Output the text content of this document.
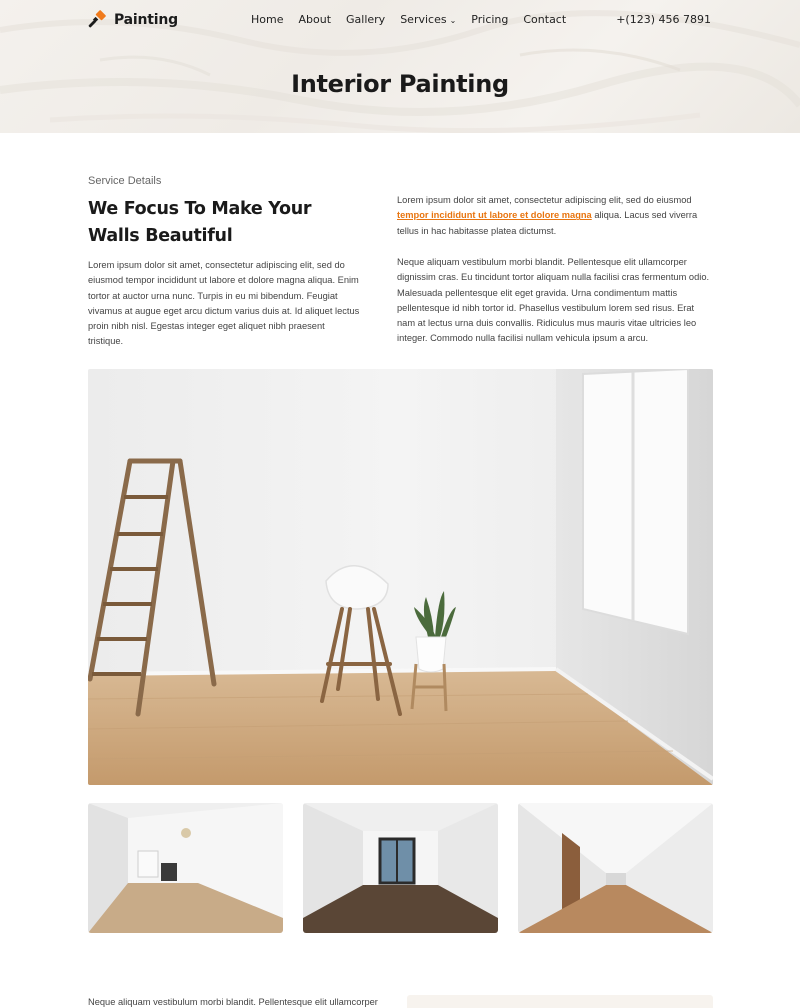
Painting	Home About Gallery Services ⌄ Pricing Contact	+(123) 456 7891
Interior Painting
Service Details
We Focus To Make Your Walls Beautiful

Lorem ipsum dolor sit amet, consectetur adipiscing elit, sed do eiusmod tempor incididunt ut labore et dolore magna aliqua. Enim tortor at auctor urna nunc. Turpis in eu mi bibendum. Feugiat vivamus at augue eget arcu dictum varius duis at. Id aliquet lectus proin nibh nisl. Egestas integer eget aliquet nibh praesent tristique.

Lorem ipsum dolor sit amet, consectetur adipiscing elit, sed do eiusmod tempor incididunt ut labore et dolore magna aliqua. Lacus sed viverra tellus in hac habitasse platea dictumst.

Neque aliquam vestibulum morbi blandit. Pellentesque elit ullamcorper dignissim cras. Eu tincidunt tortor aliquam nulla facilisi cras fermentum odio. Malesuada pellentesque elit eget gravida. Urna condimentum mattis pellentesque id nibh tortor id. Phasellus vestibulum lorem sed risus. Erat nam at lectus urna duis convallis. Ridiculus mus mauris vitae ultricies leo integer. Commodo nulla facilisi nullam vehicula ipsum a arcu.

Neque aliquam vestibulum morbi blandit. Pellentesque elit ullamcorper
